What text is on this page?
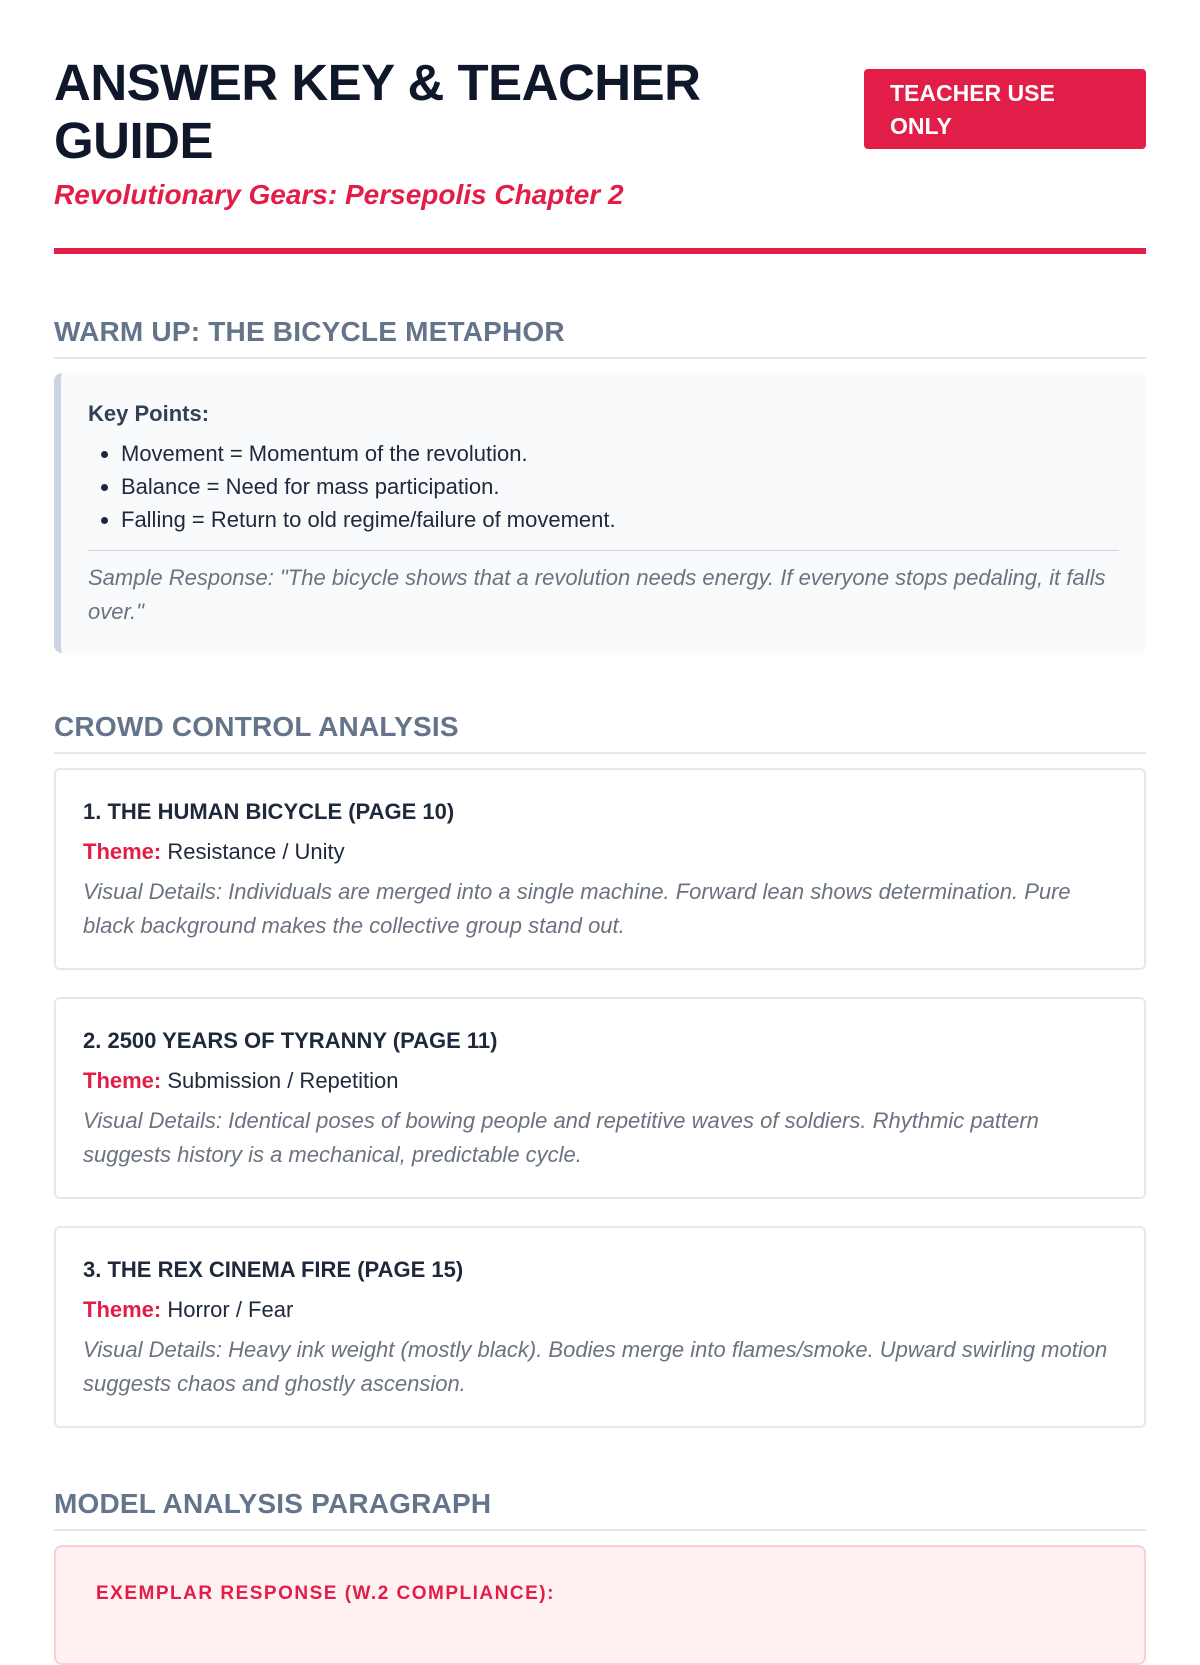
ANSWER KEY & TEACHER GUIDE
Revolutionary Gears: Persepolis Chapter 2
TEACHER USE ONLY
WARM UP: THE BICYCLE METAPHOR
Key Points:
• Movement = Momentum of the revolution.
• Balance = Need for mass participation.
• Falling = Return to old regime/failure of movement.
Sample Response: "The bicycle shows that a revolution needs energy. If everyone stops pedaling, it falls over."
CROWD CONTROL ANALYSIS
1. THE HUMAN BICYCLE (PAGE 10)
Theme: Resistance / Unity
Visual Details: Individuals are merged into a single machine. Forward lean shows determination. Pure black background makes the collective group stand out.
2. 2500 YEARS OF TYRANNY (PAGE 11)
Theme: Submission / Repetition
Visual Details: Identical poses of bowing people and repetitive waves of soldiers. Rhythmic pattern suggests history is a mechanical, predictable cycle.
3. THE REX CINEMA FIRE (PAGE 15)
Theme: Horror / Fear
Visual Details: Heavy ink weight (mostly black). Bodies merge into flames/smoke. Upward swirling motion suggests chaos and ghostly ascension.
MODEL ANALYSIS PARAGRAPH
EXEMPLAR RESPONSE (W.2 COMPLIANCE):
